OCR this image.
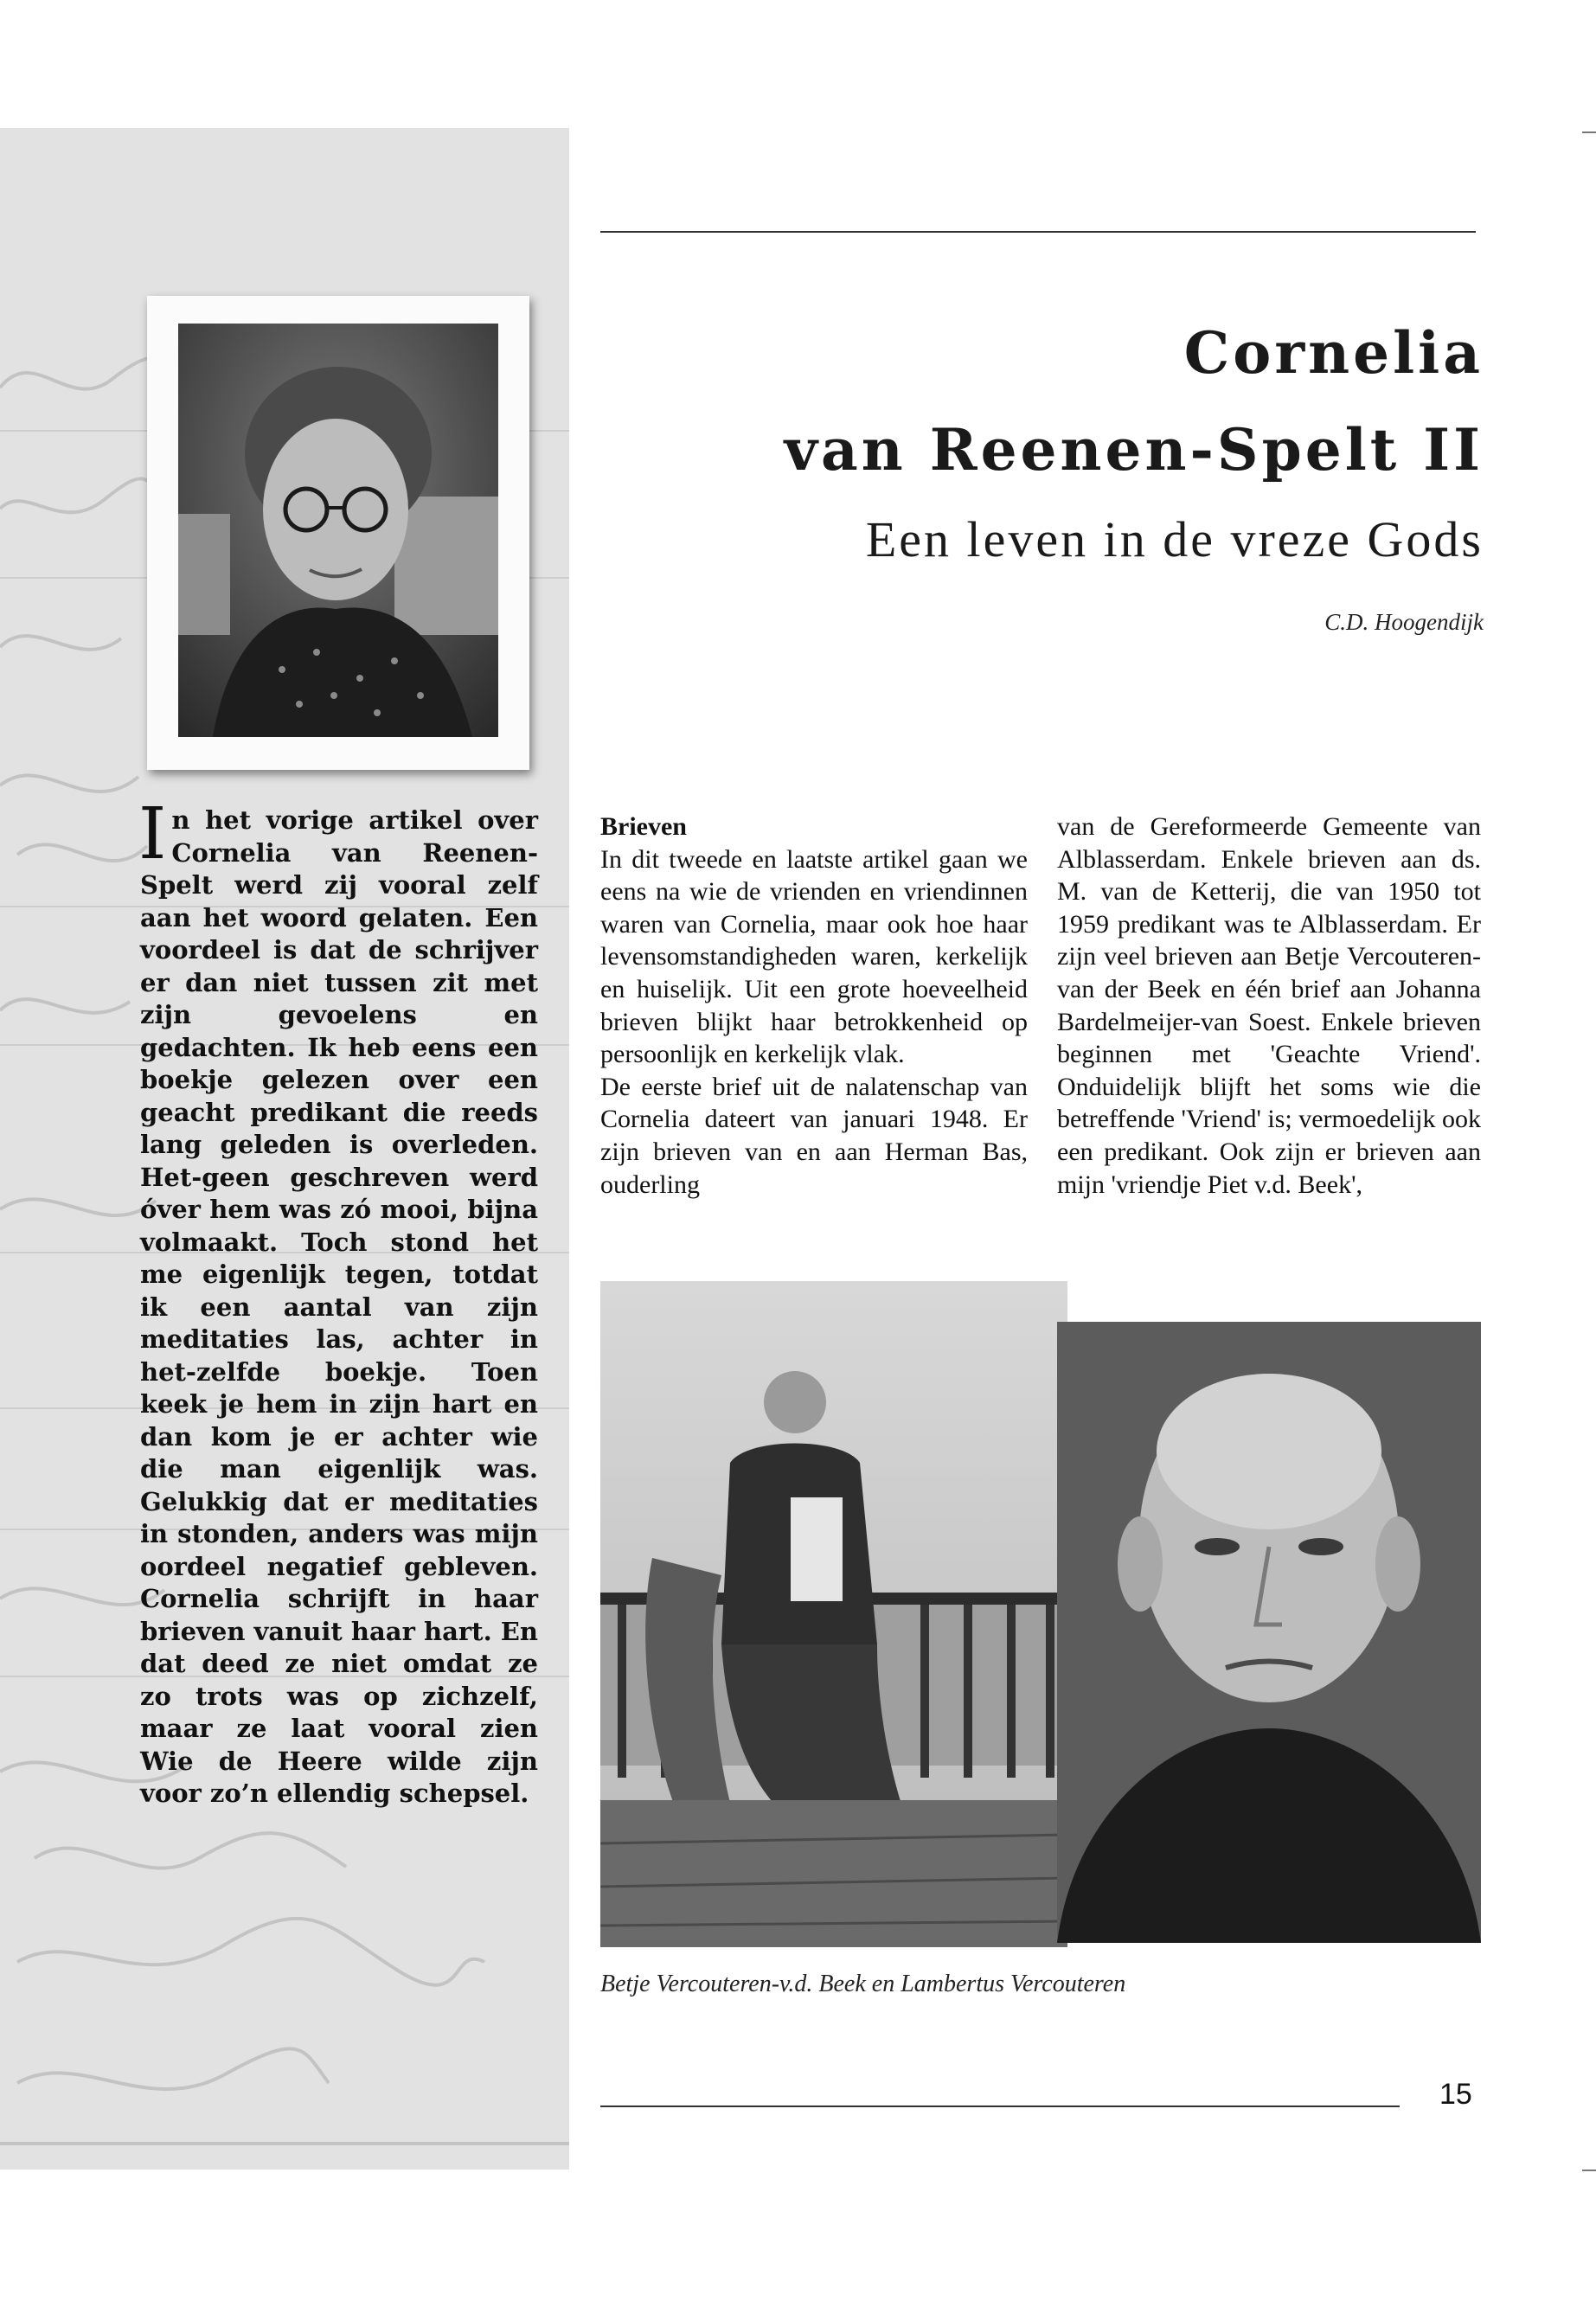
In het vorige artikel over Cornelia van Reenen-Spelt werd zij vooral zelf aan het woord gelaten. Een voordeel is dat de schrijver er dan niet tussen zit met zijn gevoelens en gedachten. Ik heb eens een boekje gelezen over een geacht predikant die reeds lang geleden is overleden. Het-geen geschreven werd óver hem was zó mooi, bijna volmaakt. Toch stond het me eigenlijk tegen, totdat ik een aantal van zijn meditaties las, achter in het-zelfde boekje. Toen keek je hem in zijn hart en dan kom je er achter wie die man eigenlijk was. Gelukkig dat er meditaties in stonden, anders was mijn oordeel negatief gebleven. Cornelia schrijft in haar brieven vanuit haar hart. En dat deed ze niet omdat ze zo trots was op zichzelf, maar ze laat vooral zien Wie de Heere wilde zijn voor zo’n ellendig schepsel.

Cornelia
van Reenen-Spelt II

Een leven in de vreze Gods

C.D. Hoogendijk

Brieven
In dit tweede en laatste artikel gaan we eens na wie de vrienden en vriendinnen waren van Cornelia, maar ook hoe haar levensomstandigheden waren, kerkelijk en huiselijk. Uit een grote hoeveelheid brieven blijkt haar betrokkenheid op persoonlijk en kerkelijk vlak.
De eerste brief uit de nalatenschap van Cornelia dateert van januari 1948. Er zijn brieven van en aan Herman Bas, ouderling
van de Gereformeerde Gemeente van Alblasserdam. Enkele brieven aan ds. M. van de Ketterij, die van 1950 tot 1959 predikant was te Alblasserdam. Er zijn veel brieven aan Betje Vercouteren-van der Beek en één brief aan Johanna Bardelmeijer-van Soest. Enkele brieven beginnen met 'Geachte Vriend'. Onduidelijk blijft het soms wie die betreffende 'Vriend' is; vermoedelijk ook een predikant. Ook zijn er brieven aan mijn 'vriendje Piet v.d. Beek',

Betje Vercouteren-v.d. Beek en Lambertus Vercouteren

15
